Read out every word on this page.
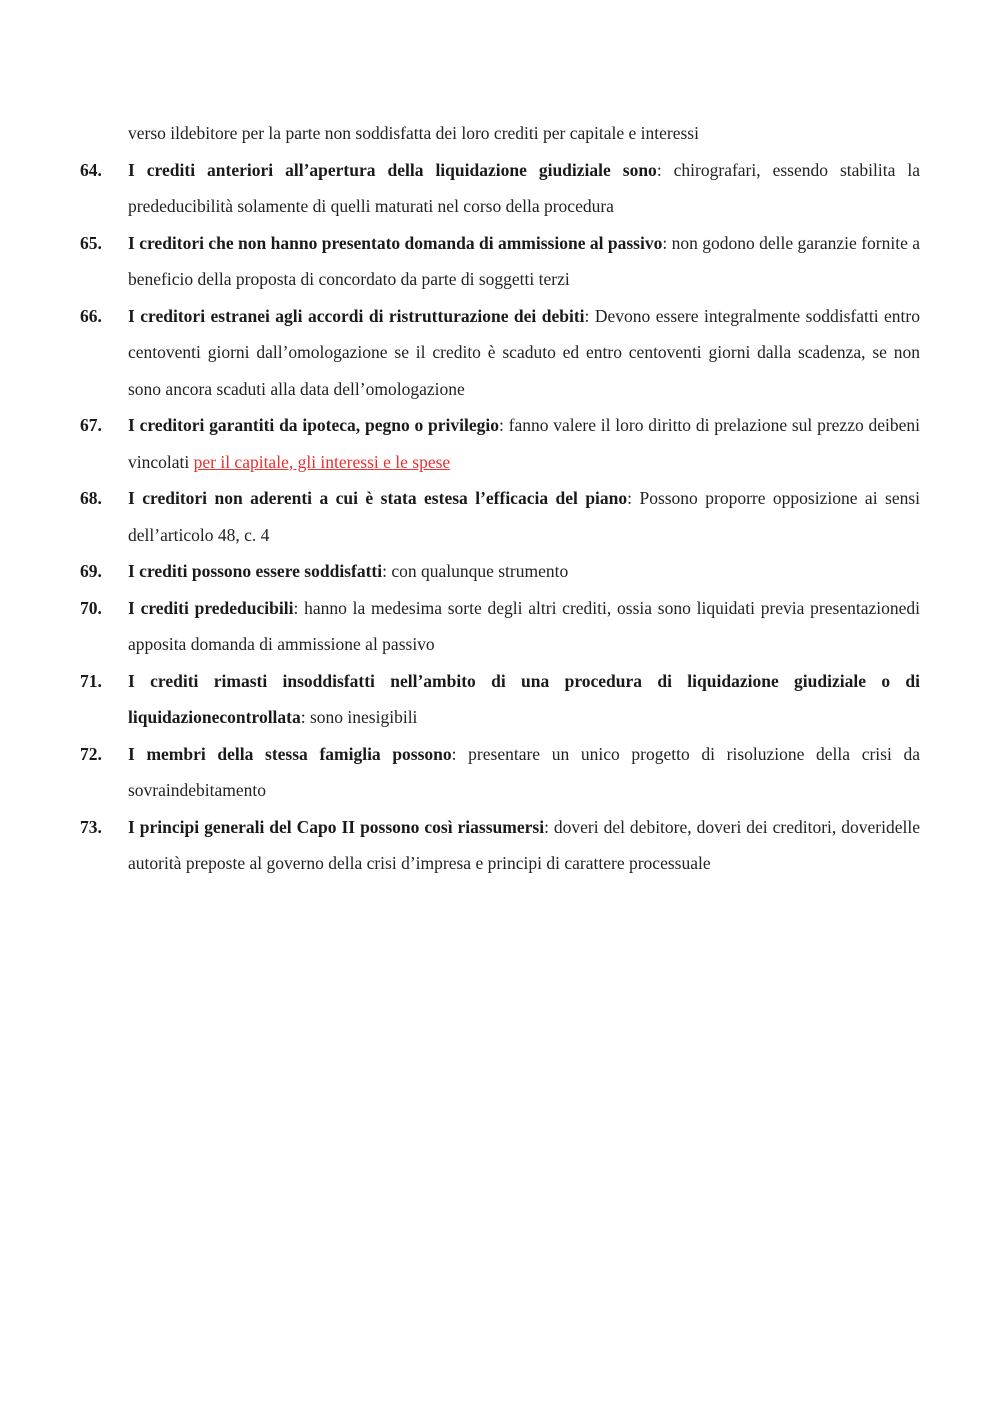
verso ildebitore per la parte non soddisfatta dei loro crediti per capitale e interessi
64.	I crediti anteriori all’apertura della liquidazione giudiziale sono: chirografari, essendo stabilita la prededucibilità solamente di quelli maturati nel corso della procedura
65.	I creditori che non hanno presentato domanda di ammissione al passivo: non godono delle garanzie fornite a beneficio della proposta di concordato da parte di soggetti terzi
66.	I creditori estranei agli accordi di ristrutturazione dei debiti: Devono essere integralmente soddisfatti entro centoventi giorni dall’omologazione se il credito è scaduto ed entro centoventi giorni dalla scadenza, se non sono ancora scaduti alla data dell’omologazione
67.	I creditori garantiti da ipoteca, pegno o privilegio: fanno valere il loro diritto di prelazione sul prezzo deibeni vincolati per il capitale, gli interessi e le spese
68.	I creditori non aderenti a cui è stata estesa l’efficacia del piano: Possono proporre opposizione ai sensi dell’articolo 48, c. 4
69.	I crediti possono essere soddisfatti: con qualunque strumento
70.	I crediti prededucibili: hanno la medesima sorte degli altri crediti, ossia sono liquidati previa presentazionedi apposita domanda di ammissione al passivo
71.	I crediti rimasti insoddisfatti nell’ambito di una procedura di liquidazione giudiziale o di liquidazionecontrollata: sono inesigibili
72.	I membri della stessa famiglia possono: presentare un unico progetto di risoluzione della crisi da sovraindebitamento
73.	I principi generali del Capo II possono così riassumersi: doveri del debitore, doveri dei creditori, doveridelle autorità preposte al governo della crisi d’impresa e principi di carattere processuale
